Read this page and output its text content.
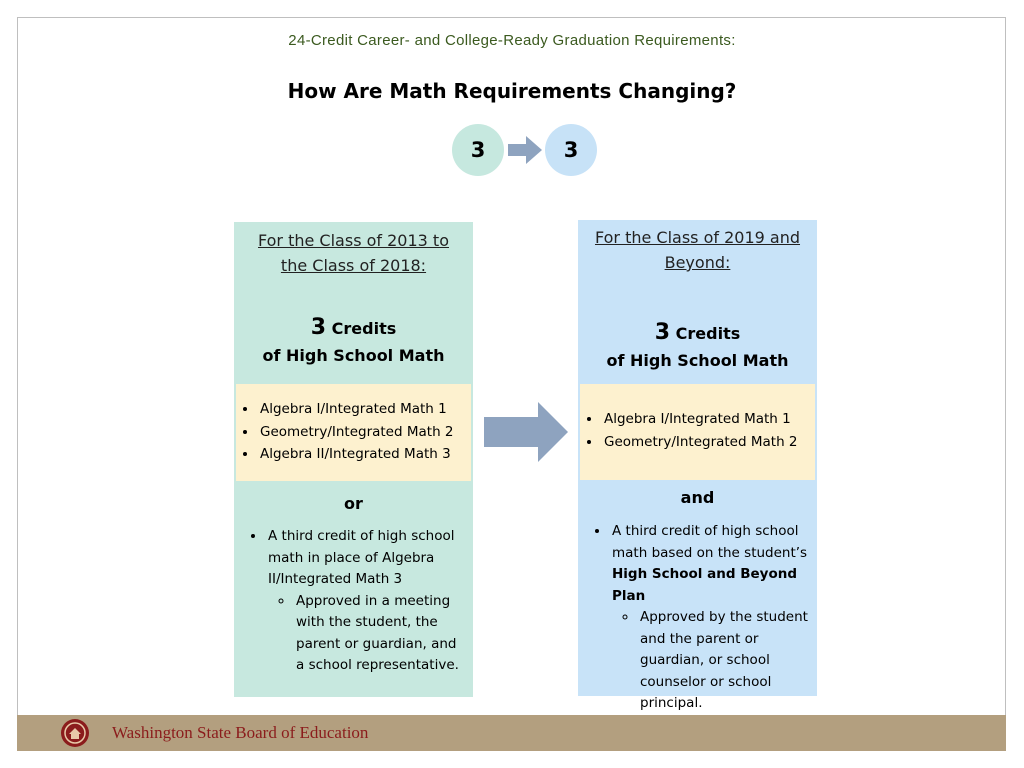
24-Credit Career- and College-Ready Graduation Requirements:
How Are Math Requirements Changing?
3	3
For the Class of 2013 to
the Class of 2018:
3 Credits
of High School Math
• Algebra I/Integrated Math 1
• Geometry/Integrated Math 2
• Algebra II/Integrated Math 3
or
• A third credit of high school math in place of Algebra II/Integrated Math 3
◦ Approved in a meeting with the student, the parent or guardian, and a school representative.
For the Class of 2019 and
Beyond:
3 Credits
of High School Math
• Algebra I/Integrated Math 1
• Geometry/Integrated Math 2
and
• A third credit of high school math based on the student’s High School and Beyond Plan
◦ Approved by the student and the parent or guardian, or school counselor or school principal.
Washington State Board of Education
